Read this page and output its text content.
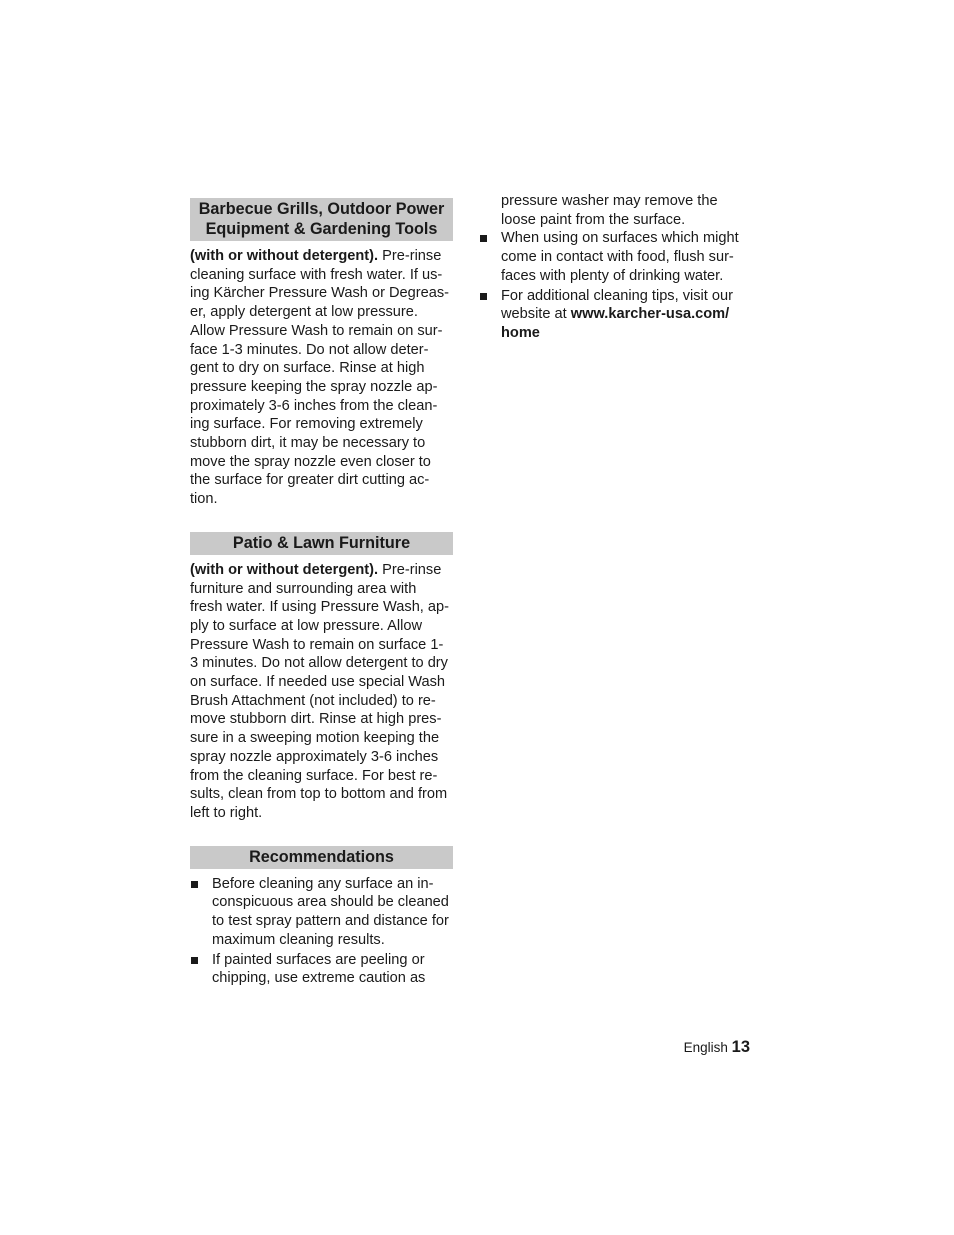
Barbecue Grills, Outdoor Power
Equipment & Gardening Tools
(with or without detergent). Pre-rinse
cleaning surface with fresh water. If us-
ing Kärcher Pressure Wash or Degreas-
er, apply detergent at low pressure.
Allow Pressure Wash to remain on sur-
face 1-3 minutes. Do not allow deter-
gent to dry on surface. Rinse at high
pressure keeping the spray nozzle ap-
proximately 3-6 inches from the clean-
ing surface. For removing extremely
stubborn dirt, it may be necessary to
move the spray nozzle even closer to
the surface for greater dirt cutting ac-
tion.
Patio & Lawn Furniture
(with or without detergent). Pre-rinse
furniture and surrounding area with
fresh water. If using Pressure Wash, ap-
ply to surface at low pressure. Allow
Pressure Wash to remain on surface 1-
3 minutes. Do not allow detergent to dry
on surface. If needed use special Wash
Brush Attachment (not included) to re-
move stubborn dirt. Rinse at high pres-
sure in a sweeping motion keeping the
spray nozzle approximately 3-6 inches
from the cleaning surface. For best re-
sults, clean from top to bottom and from
left to right.
Recommendations
Before cleaning any surface an in-
conspicuous area should be cleaned
to test spray pattern and distance for
maximum cleaning results.
If painted surfaces are peeling or
chipping, use extreme caution as
pressure washer may remove the
loose paint from the surface.
When using on surfaces which might
come in contact with food, flush sur-
faces with plenty of drinking water.
For additional cleaning tips, visit our
website at www.karcher-usa.com/
home
English 13
